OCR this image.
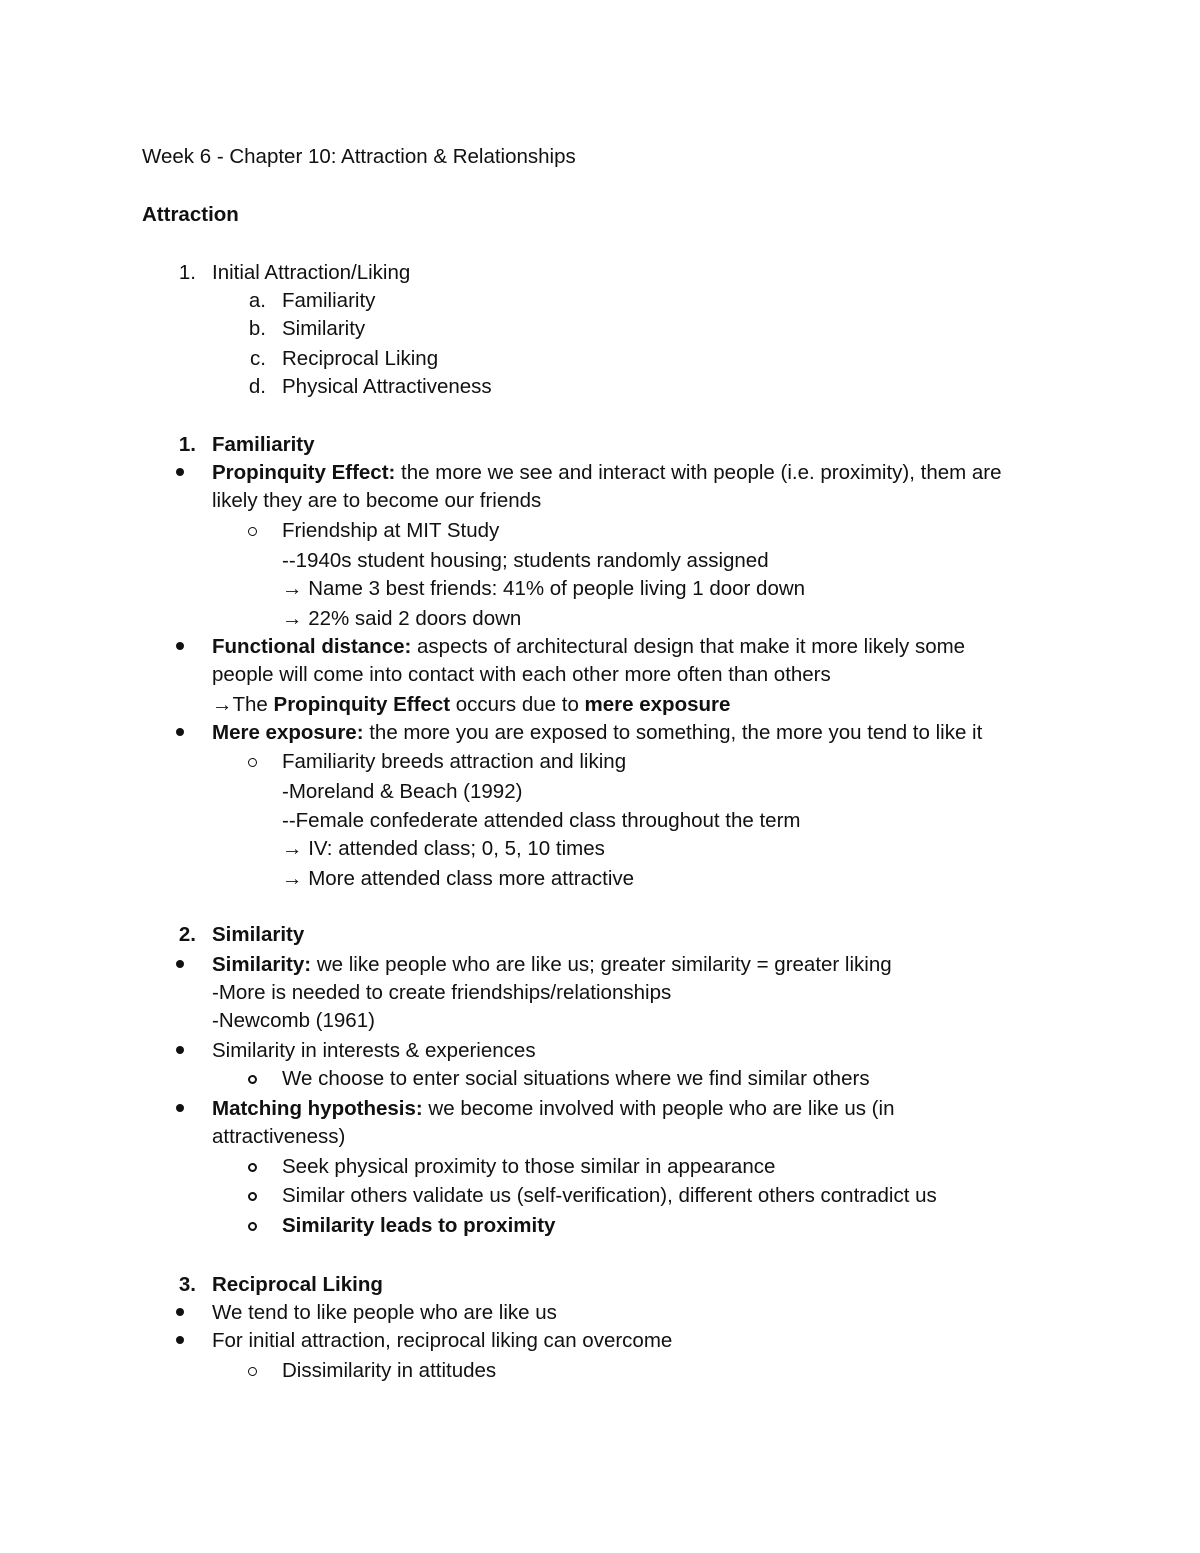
Week 6 - Chapter 10: Attraction & Relationships
Attraction
1. Initial Attraction/Liking
a. Familiarity
b. Similarity
c. Reciprocal Liking
d. Physical Attractiveness
1. Familiarity
Propinquity Effect: the more we see and interact with people (i.e. proximity), them are
likely they are to become our friends
Friendship at MIT Study
--1940s student housing; students randomly assigned
→ Name 3 best friends: 41% of people living 1 door down
→ 22% said 2 doors down
Functional distance: aspects of architectural design that make it more likely some
people will come into contact with each other more often than others
→The Propinquity Effect occurs due to mere exposure
Mere exposure: the more you are exposed to something, the more you tend to like it
Familiarity breeds attraction and liking
-Moreland & Beach (1992)
--Female confederate attended class throughout the term
→ IV: attended class; 0, 5, 10 times
→ More attended class more attractive
2. Similarity
Similarity: we like people who are like us; greater similarity = greater liking
-More is needed to create friendships/relationships
-Newcomb (1961)
Similarity in interests & experiences
We choose to enter social situations where we find similar others
Matching hypothesis: we become involved with people who are like us (in
attractiveness)
Seek physical proximity to those similar in appearance
Similar others validate us (self-verification), different others contradict us
Similarity leads to proximity
3. Reciprocal Liking
We tend to like people who are like us
For initial attraction, reciprocal liking can overcome
Dissimilarity in attitudes
